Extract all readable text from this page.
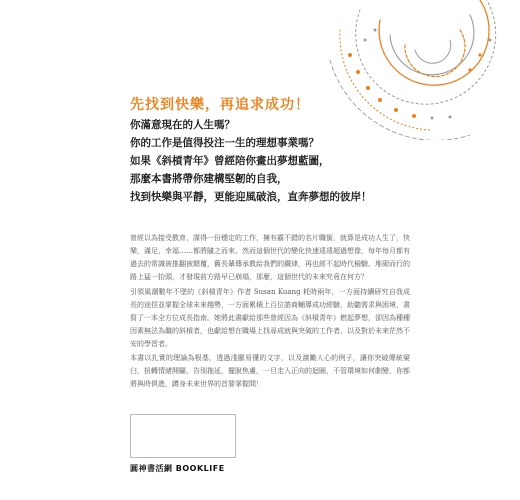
先找到快樂，再追求成功！
你滿意現在的人生嗎？
你的工作是值得投注一生的理想事業嗎？
如果《斜槓青年》曾經陪你畫出夢想藍圖，
那麼本書將帶你建構堅韌的自我，
找到快樂與平靜，更能迎風破浪，直奔夢想的彼岸！
曾經以為接受教育，謀得一份穩定的工作，擁有霸不錯的名片職銜，就算是成功人生了，快樂，滿足，幸福……都將隨之而來。然而這個世代的變化快速遠遠超過想像，每年每月都有過去的常識被推翻被顛覆，舊長輩傳承教給我們的鐵律，再也經不起時代檢驗。堆砌而行的路上猛一抬頭，才發現前方路早已崩塌，那麼，這個世代的未來究竟在何方？
引領風潮數年不墜的《斜槓青年》作者 Susan Kuang 耗時兩年，一方面持續研究自我成長的途徑並掌握全球未來趨勢，一方面累積上百位諮商輔導成功經驗，助聽需求與困境，書寫了一本全方位成長指南。她將此書獻給那些曾經因為《斜槓青年》燃起夢想，卻因為種種因素無法為繼的斜槓者，也獻給想在職場上找尋成就與突破的工作者，以及對於未來茫然不安的學習者。
本書以扎實的理論為根基，透過淺顯易懂的文字，以及激勵人心的例子，讓你突破傳統窠臼，扭轉情緒開闢，告別拖延，擺脫焦慮，一旦走入正向的迴圈，不管環境如何劇變，你都將與時俱進，蹲身未來世界的首要掌握間！
圓神書活網 BOOKLIFE
